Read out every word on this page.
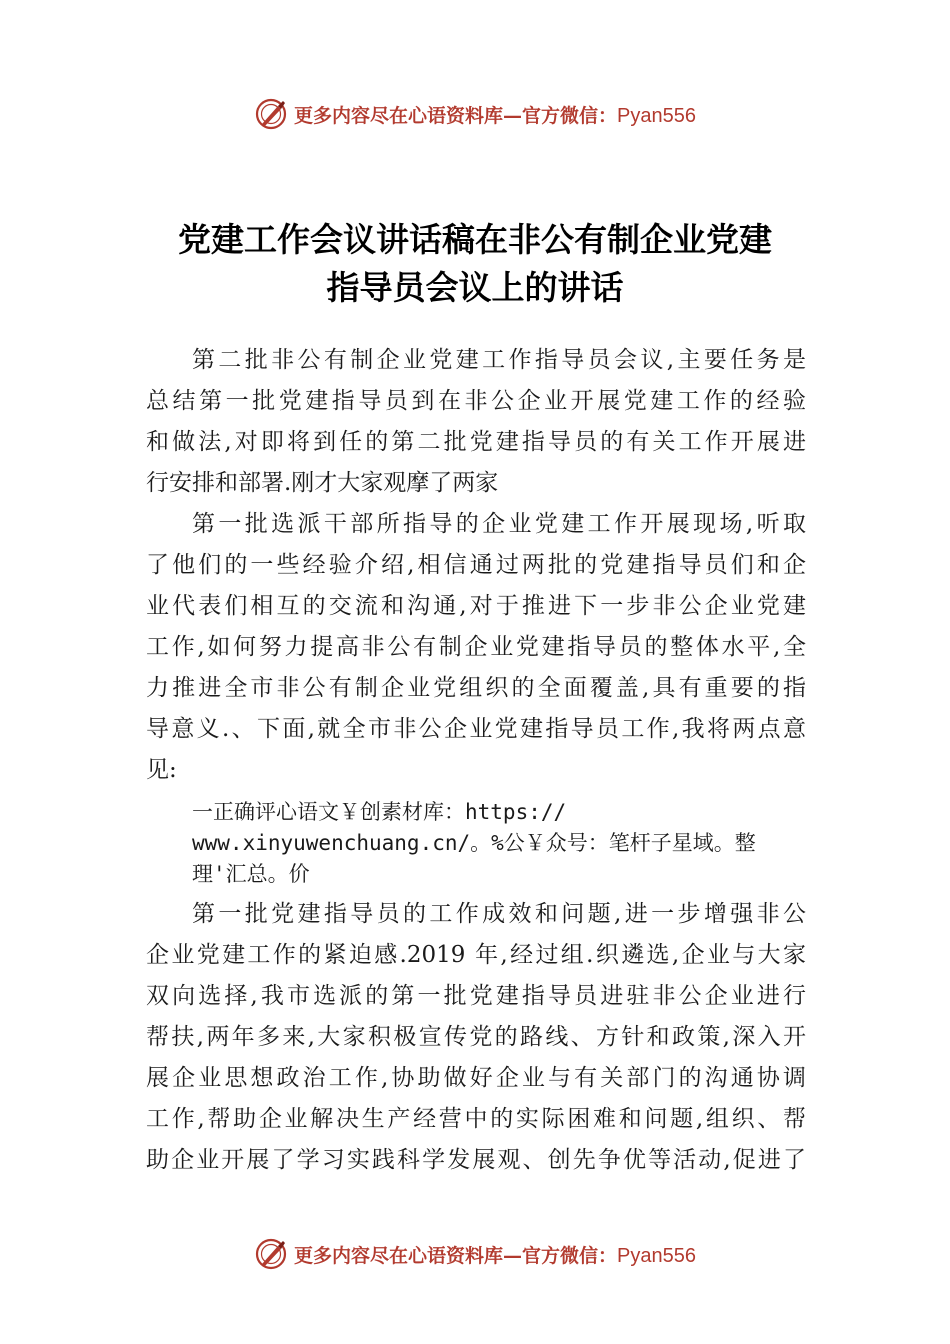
更多内容尽在心语资料库—官方微信：Pyan556
党建工作会议讲话稿在非公有制企业党建
指导员会议上的讲话
第二批非公有制企业党建工作指导员会议,主要任务是
总结第一批党建指导员到在非公企业开展党建工作的经验
和做法,对即将到任的第二批党建指导员的有关工作开展进
行安排和部署.刚才大家观摩了两家
第一批选派干部所指导的企业党建工作开展现场,听取
了他们的一些经验介绍,相信通过两批的党建指导员们和企
业代表们相互的交流和沟通,对于推进下一步非公企业党建
工作,如何努力提高非公有制企业党建指导员的整体水平,全
力推进全市非公有制企业党组织的全面覆盖,具有重要的指
导意义.、下面,就全市非公企业党建指导员工作,我将两点意
见:
一正确评心语文￥创素材库：https://
www.xinyuwenchuang.cn/。%公￥众号：笔杆子星域。整
理'汇总。价
第一批党建指导员的工作成效和问题,进一步增强非公
企业党建工作的紧迫感.2019 年,经过组.织遴选,企业与大家
双向选择,我市选派的第一批党建指导员进驻非公企业进行
帮扶,两年多来,大家积极宣传党的路线、方针和政策,深入开
展企业思想政治工作,协助做好企业与有关部门的沟通协调
工作,帮助企业解决生产经营中的实际困难和问题,组织、帮
助企业开展了学习实践科学发展观、创先争优等活动,促进了
更多内容尽在心语资料库—官方微信：Pyan556
